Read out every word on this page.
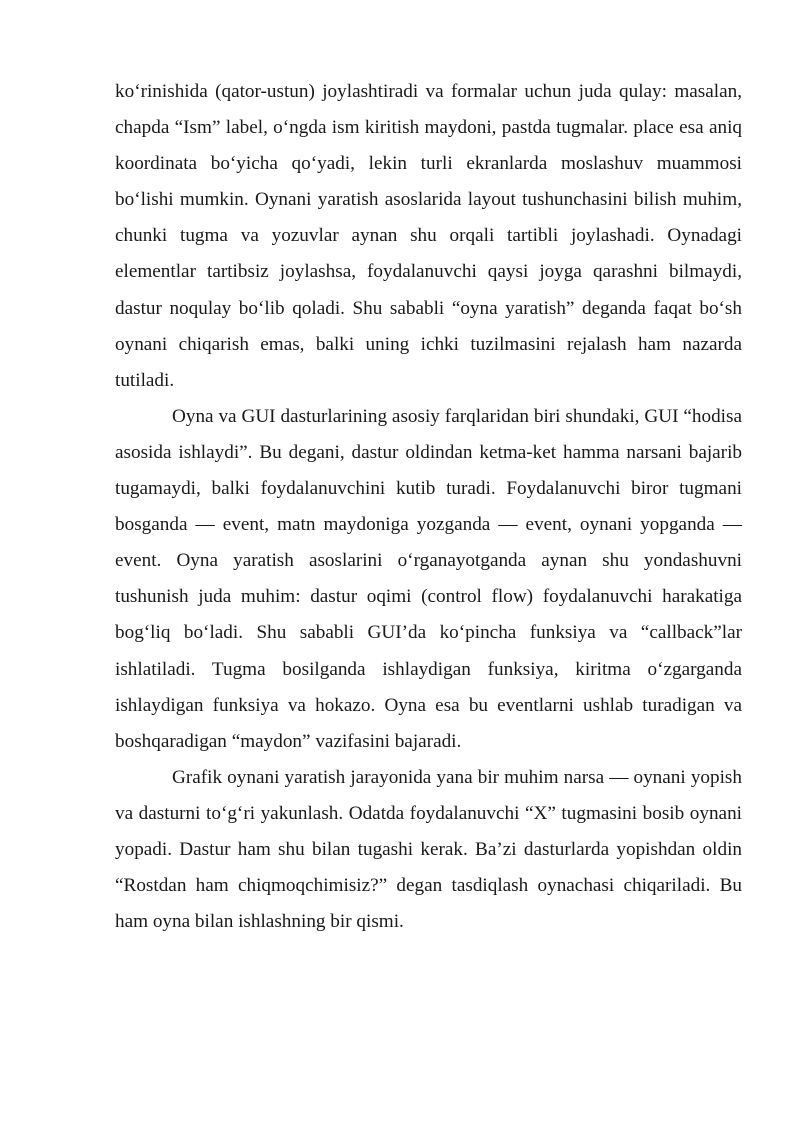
ko‘rinishida (qator-ustun) joylashtiradi va formalar uchun juda qulay: masalan, chapda “Ism” label, o‘ngda ism kiritish maydoni, pastda tugmalar. place esa aniq koordinata bo‘yicha qo‘yadi, lekin turli ekranlarda moslashuv muammosi bo‘lishi mumkin. Oynani yaratish asoslarida layout tushunchasini bilish muhim, chunki tugma va yozuvlar aynan shu orqali tartibli joylashadi. Oynadagi elementlar tartibsiz joylashsa, foydalanuvchi qaysi joyga qarashni bilmaydi, dastur noqulay bo‘lib qoladi. Shu sababli “oyna yaratish” deganda faqat bo‘sh oynani chiqarish emas, balki uning ichki tuzilmasini rejalash ham nazarda tutiladi.

Oyna va GUI dasturlarining asosiy farqlaridan biri shundaki, GUI “hodisa asosida ishlaydi”. Bu degani, dastur oldindan ketma-ket hamma narsani bajarib tugamaydi, balki foydalanuvchini kutib turadi. Foydalanuvchi biror tugmani bosganda — event, matn maydoniga yozganda — event, oynani yopganda — event. Oyna yaratish asoslarini o‘rganayotganda aynan shu yondashuvni tushunish juda muhim: dastur oqimi (control flow) foydalanuvchi harakatiga bog‘liq bo‘ladi. Shu sababli GUI’da ko‘pincha funksiya va “callback”lar ishlatiladi. Tugma bosilganda ishlaydigan funksiya, kiritma o‘zgarganda ishlaydigan funksiya va hokazo. Oyna esa bu eventlarni ushlab turadigan va boshqaradigan “maydon” vazifasini bajaradi.

Grafik oynani yaratish jarayonida yana bir muhim narsa — oynani yopish va dasturni to‘g‘ri yakunlash. Odatda foydalanuvchi “X” tugmasini bosib oynani yopadi. Dastur ham shu bilan tugashi kerak. Ba’zi dasturlarda yopishdan oldin “Rostdan ham chiqmoqchimisiz?” degan tasdiqlash oynachasi chiqariladi. Bu ham oyna bilan ishlashning bir qismi.
